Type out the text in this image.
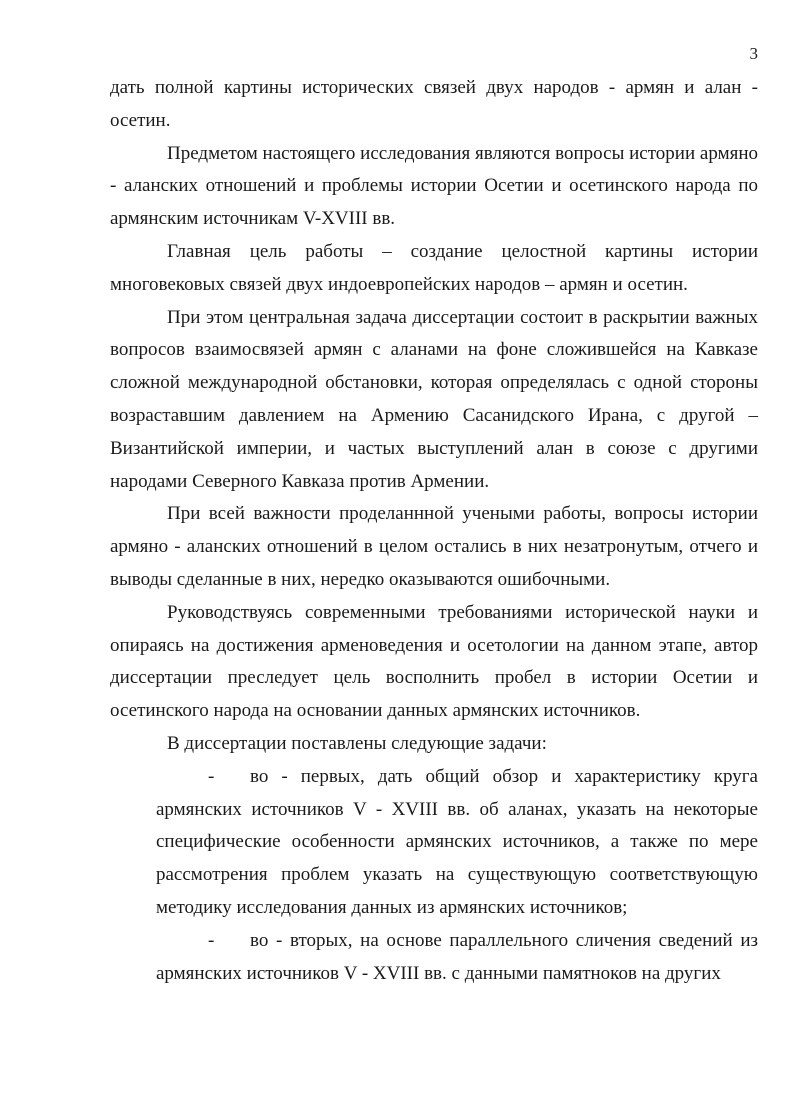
3

дать полной картины исторических связей двух народов - армян и алан - осетин.

Предметом настоящего исследования являются вопросы истории армяно - аланских отношений и проблемы истории Осетии и осетинского народа по армянским источникам V-XVIII вв.

Главная цель работы – создание целостной картины истории многовековых связей двух индоевропейских народов – армян и осетин.

При этом центральная задача диссертации состоит в раскрытии важных вопросов взаимосвязей армян с аланами на фоне сложившейся на Кавказе сложной международной обстановки, которая определялась с одной стороны возраставшим давлением на Армению Сасанидского Ирана, с другой – Византийской империи, и частых выступлений алан в союзе с другими народами Северного Кавказа против Армении.

При всей важности проделаннной учеными работы, вопросы истории армяно - аланских отношений в целом остались в них незатронутым, отчего и выводы сделанные в них, нередко оказываются ошибочными.

Руководствуясь современными требованиями исторической науки и опираясь на достижения арменоведения и осетологии на данном этапе, автор диссертации преследует цель восполнить пробел в истории Осетии и осетинского народа на основании данных армянских источников.

В диссертации поставлены следующие задачи:

- во - первых, дать общий обзор и характеристику круга армянских источников V - XVIII вв. об аланах, указать на некоторые специфические особенности армянских источников, а также по мере рассмотрения проблем указать на существующую соответствующую методику исследования данных из армянских источников;

- во - вторых, на основе параллельного сличения сведений из армянских источников V - XVIII вв. с данными памятноков на других
